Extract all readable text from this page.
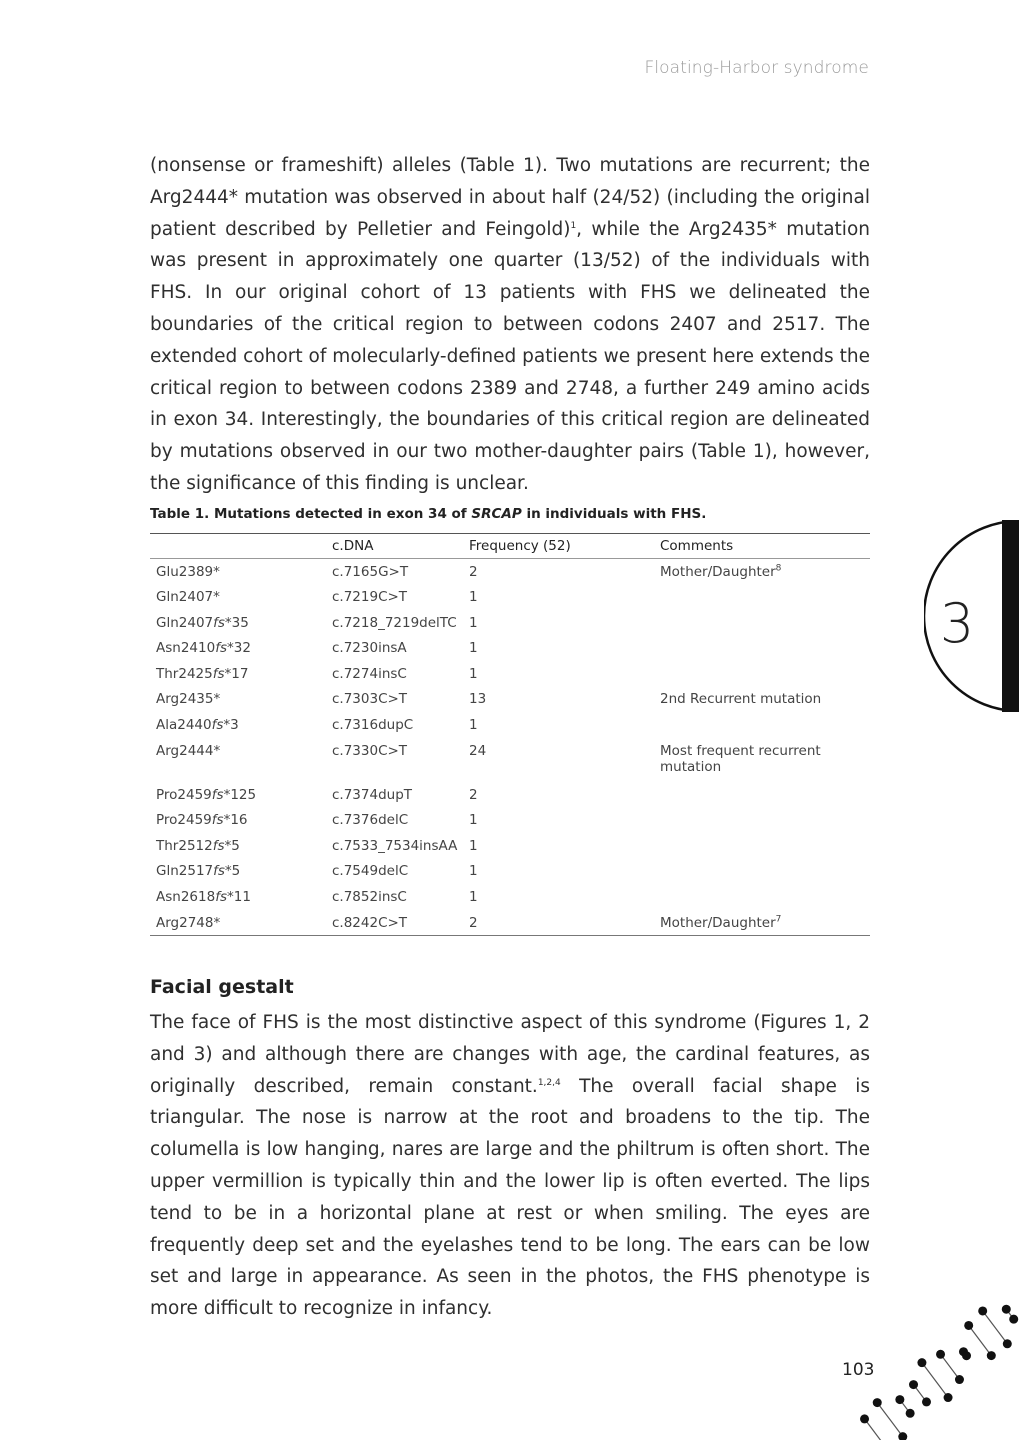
Floating-Harbor syndrome
3

(nonsense or frameshift) alleles (Table 1). Two mutations are recurrent; the Arg2444* mutation was observed in about half (24/52) (including the original patient described by Pelletier and Feingold)$^1$, while the Arg2435* mutation was present in approximately one quarter (13/52) of the individuals with FHS. In our original cohort of 13 patients with FHS we delineated the boundaries of the critical region to between codons 2407 and 2517. The extended cohort of molecularly-defined patients we present here extends the critical region to between codons 2389 and 2748, a further 249 amino acids in exon 34. Interestingly, the boundaries of this critical region are delineated by mutations observed in our two mother-daughter pairs (Table 1), however, the significance of this finding is unclear.

Table 1. Mutations detected in exon 34 of SRCAP in individuals with FHS.
	c.DNA	Frequency (52)	Comments
Glu2389*	c.7165G>T	2	Mother/Daughter$^8$
Gln2407*	c.7219C>T	1	
Gln2407fs*35	c.7218_7219delTC	1	
Asn2410fs*32	c.7230insA	1	
Thr2425fs*17	c.7274insC	1	
Arg2435*	c.7303C>T	13	2nd Recurrent mutation
Ala2440fs*3	c.7316dupC	1	
Arg2444*	c.7330C>T	24	Most frequent recurrent mutation
Pro2459fs*125	c.7374dupT	2	
Pro2459fs*16	c.7376delC	1	
Thr2512fs*5	c.7533_7534insAA	1	
Gln2517fs*5	c.7549delC	1	
Asn2618fs*11	c.7852insC	1	
Arg2748*	c.8242C>T	2	Mother/Daughter$^7$
Facial gestalt

The face of FHS is the most distinctive aspect of this syndrome (Figures 1, 2 and 3) and although there are changes with age, the cardinal features, as originally described, remain constant.$^{1,2,4}$ The overall facial shape is triangular. The nose is narrow at the root and broadens to the tip. The columella is low hanging, nares are large and the philtrum is often short. The upper vermillion is typically thin and the lower lip is often everted. The lips tend to be in a horizontal plane at rest or when smiling. The eyes are frequently deep set and the eyelashes tend to be long. The ears can be low set and large in appearance. As seen in the photos, the FHS phenotype is more difficult to recognize in infancy.

103
